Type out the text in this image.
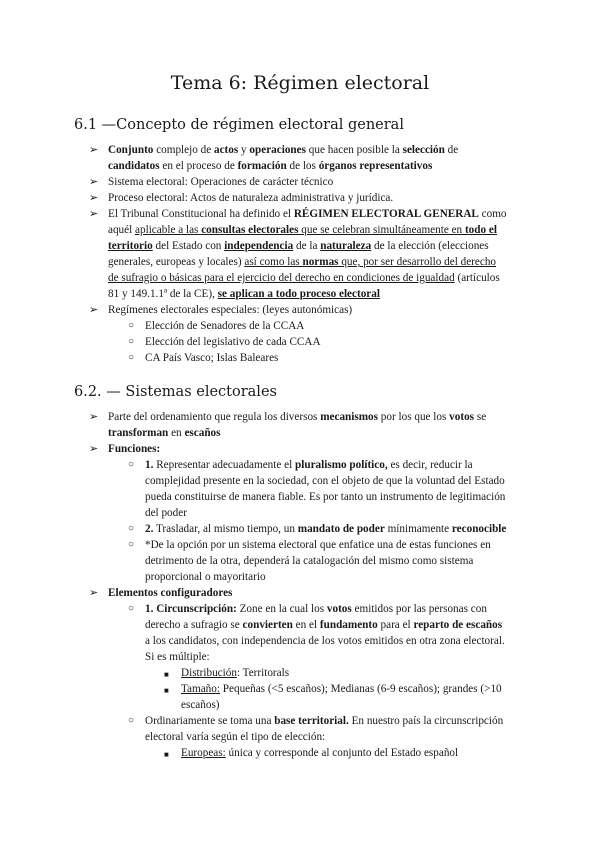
Tema 6: Régimen electoral
6.1 —Concepto de régimen electoral general
➢ Conjunto complejo de actos y operaciones que hacen posible la selección de candidatos en el proceso de formación de los órganos representativos
➢ Sistema electoral: Operaciones de carácter técnico
➢ Proceso electoral: Actos de naturaleza administrativa y jurídica.
➢ El Tribunal Constitucional ha definido el RÉGIMEN ELECTORAL GENERAL como aquél aplicable a las consultas electorales que se celebran simultáneamente en todo el territorio del Estado con independencia de la naturaleza de la elección (elecciones generales, europeas y locales) así como las normas que, por ser desarrollo del derecho de sufragio o básicas para el ejercicio del derecho en condiciones de igualdad (artículos 81 y 149.1.1ª de la CE), se aplican a todo proceso electoral
➢ Regímenes electorales especiales: (leyes autonómicas)
○ Elección de Senadores de la CCAA
○ Elección del legislativo de cada CCAA
○ CA País Vasco; Islas Baleares
6.2. — Sistemas electorales
➢ Parte del ordenamiento que regula los diversos mecanismos por los que los votos se transforman en escaños
➢ Funciones:
○ 1. Representar adecuadamente el pluralismo político, es decir, reducir la complejidad presente en la sociedad, con el objeto de que la voluntad del Estado pueda constituirse de manera fiable. Es por tanto un instrumento de legitimación del poder
○ 2. Trasladar, al mismo tiempo, un mandato de poder mínimamente reconocible
○ *De la opción por un sistema electoral que enfatice una de estas funciones en detrimento de la otra, dependerá la catalogación del mismo como sistema proporcional o mayoritario
➢ Elementos configuradores
○ 1. Circunscripción: Zone en la cual los votos emitidos por las personas con derecho a sufragio se convierten en el fundamento para el reparto de escaños a los candidatos, con independencia de los votos emitidos en otra zona electoral. Si es múltiple:
■ Distribución: Territorals
■ Tamaño: Pequeñas (<5 escaños); Medianas (6-9 escaños); grandes (>10 escaños)
○ Ordinariamente se toma una base territorial. En nuestro país la circunscripción electoral varía según el tipo de elección:
■ Europeas: única y corresponde al conjunto del Estado español
